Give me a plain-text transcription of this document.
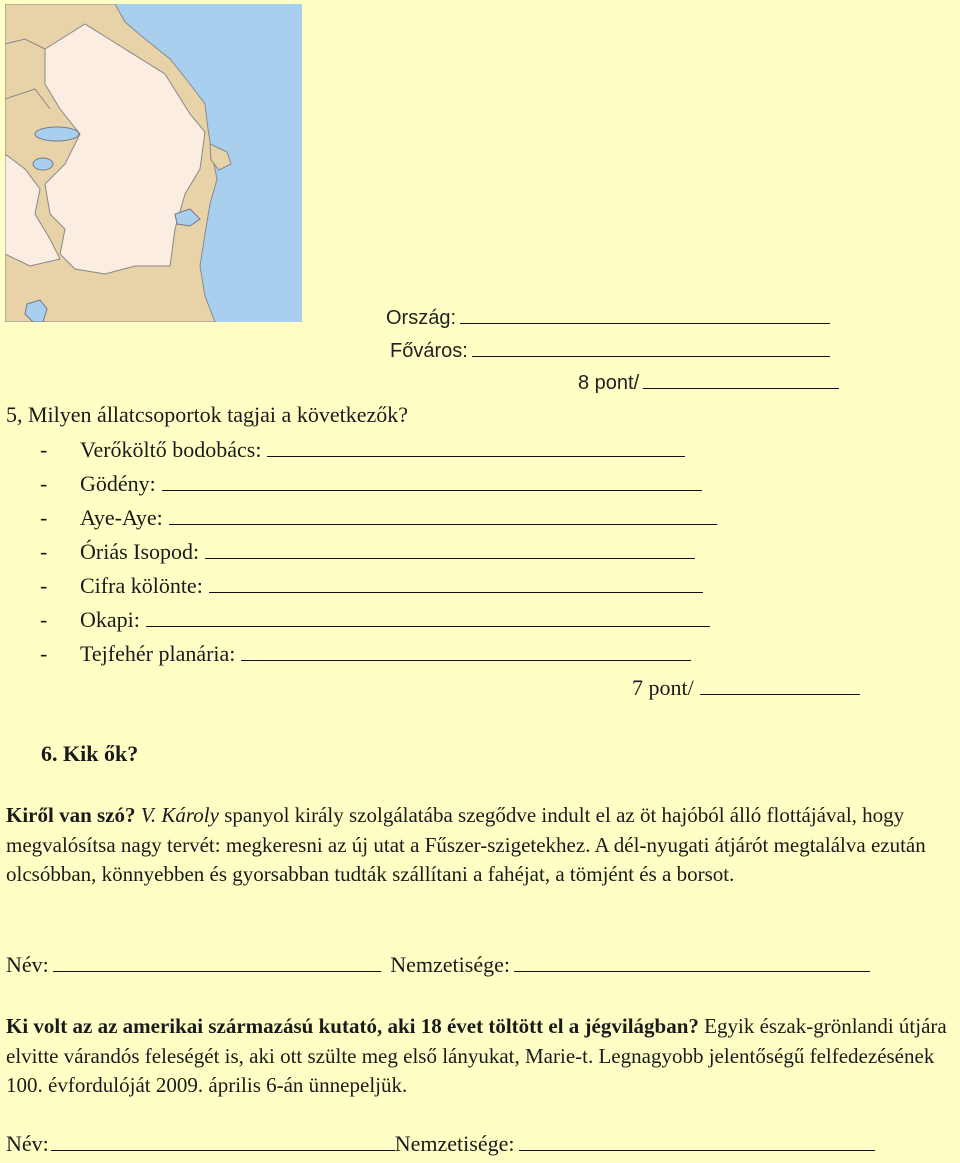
Ország:
Főváros:
8 pont/
5, Milyen állatcsoportok tagjai a következők?
- Verőköltő bodobács:
- Gödény:
- Aye-Aye:
- Óriás Isopod:
- Cifra kölönte:
- Okapi:
- Tejfehér planária:
7 pont/
6. Kik ők?

Kiről van szó? V. Károly spanyol király szolgálatába szegődve indult el az öt hajóból álló flottájával, hogy megvalósítsa nagy tervét: megkeresni az új utat a Fűszer-szigetekhez. A dél-nyugati átjárót megtalálva ezután olcsóbban, könnyebben és gyorsabban tudták szállítani a fahéjat, a tömjént és a borsot.

Név:	Nemzetisége:

Ki volt az az amerikai származású kutató, aki 18 évet töltött el a jégvilágban? Egyik észak-grönlandi útjára elvitte várandós feleségét is, aki ott szülte meg első lányukat, Marie-t. Legnagyobb jelentőségű felfedezésének 100. évfordulóját 2009. április 6-án ünnepeljük.

Név:	Nemzetisége:
